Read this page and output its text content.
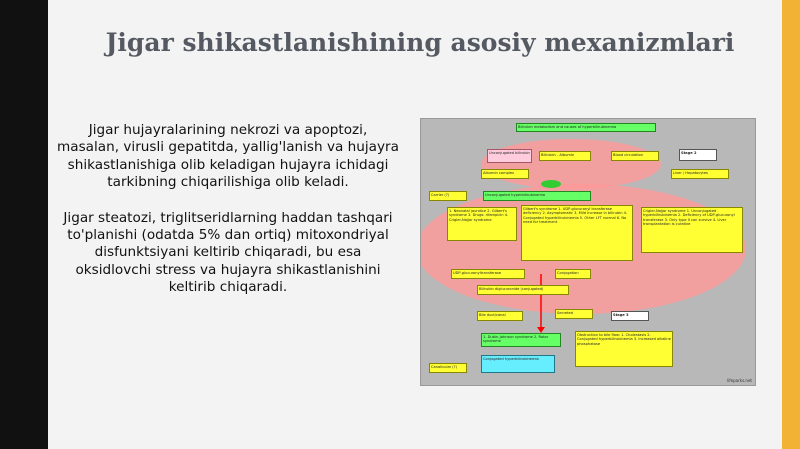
Jigar shikastlanishining asosiy mexanizmlari

Jigar hujayralarining nekrozi va apoptozi, masalan, virusli gepatitda, yallig'lanish va hujayra shikastlanishiga olib keladigan hujayra ichidagi tarkibning chiqarilishiga olib keladi.

Jigar steatozi, triglitseridlarning haddan tashqari to'planishi (odatda 5% dan ortiq) mitoxondriyal disfunktsiyani keltirib chiqaradi, bu esa oksidlovchi stress va hujayra shikastlanishini keltirib chiqaradi.

Bilirubin metabolism and causes of hyperbilirubinemia
Unconjugated bilirubin	Bilirubin - Albumin	Blood circulation	Stage 2
Albumin complex	Liver / Hepatocytes
Carrier (?)	Unconjugated hyperbilirubinemia
1. Neonatal jaundice 2. Gilbert's syndrome 3. Drugs: rifampicin 4. Crigler-Najjar syndrome
Gilbert's syndrome 1. UDP-glucuronyl transferase deficiency 2. Asymptomatic 3. Mild increase in bilirubin 4. Conjugated hyperbilirubinemia 5. Other LFT normal 6. No need for treatment
Crigler-Najjar syndrome 1. Unconjugated hyperbilirubinemia 2. Deficiency of UDP-glucuronyl transferase 3. Only type II can survive 4. Liver transplantation is curative
UDP-glucuronyltransferase	Conjugation
Bilirubin diglucuronide (conjugated)
Bile duct/canal	Secreted	Stage 3
1. Dubin-Johnson syndrome 2. Rotor syndrome
Obstruction to bile flow: 1. Cholestasis 2. Conjugated hyperbilirubinemia 3. Increased alkaline phosphatase
Conjugated hyperbilirubinemia
Canalicular (?)
lifeparks.net
